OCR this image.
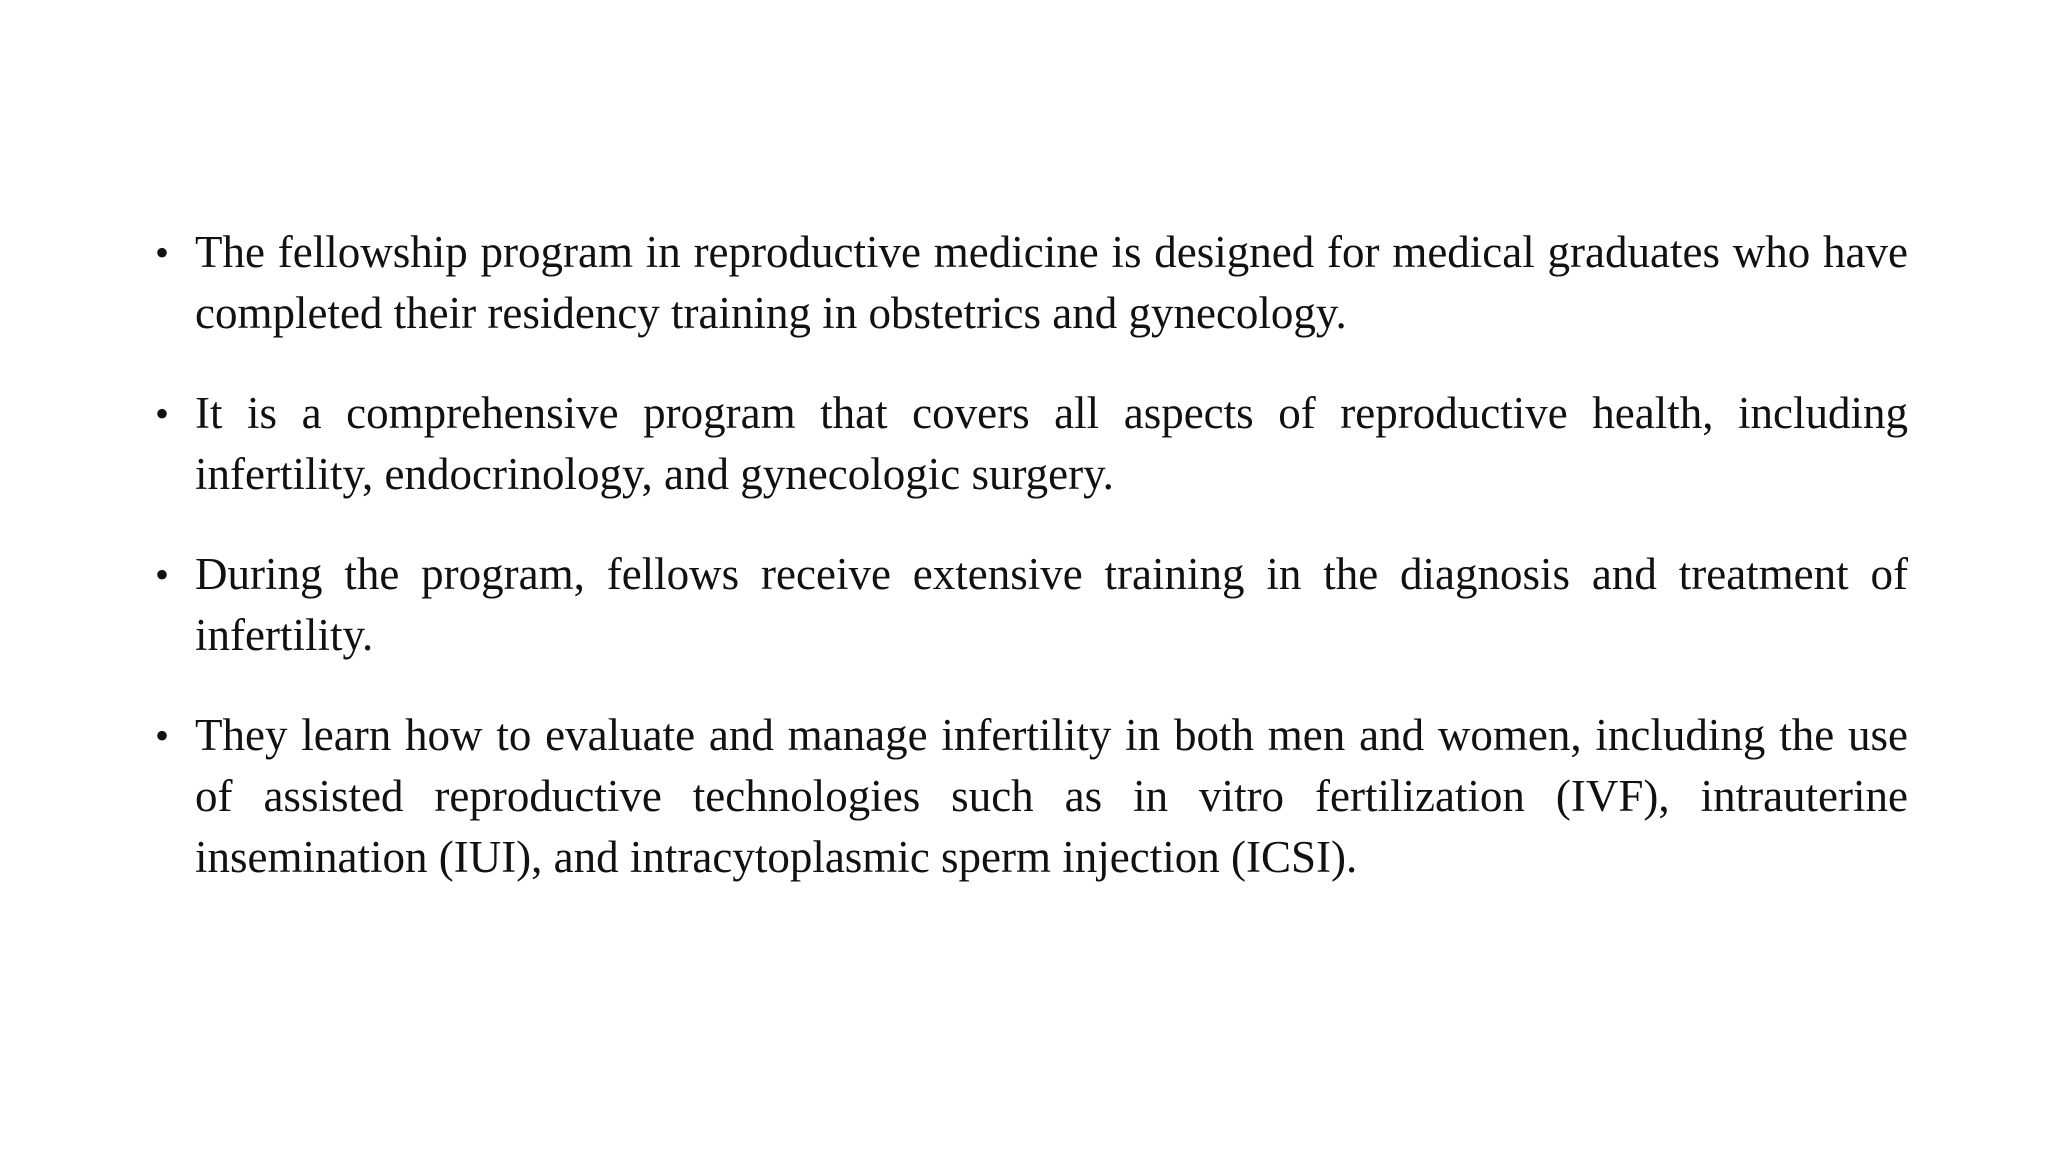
• The fellowship program in reproductive medicine is designed for medical graduates who have completed their residency training in obstetrics and gynecology.
• It is a comprehensive program that covers all aspects of reproductive health, including infertility, endocrinology, and gynecologic surgery.
• During the program, fellows receive extensive training in the diagnosis and treatment of infertility.
• They learn how to evaluate and manage infertility in both men and women, including the use of assisted reproductive technologies such as in vitro fertilization (IVF), intrauterine insemination (IUI), and intracytoplasmic sperm injection (ICSI).
